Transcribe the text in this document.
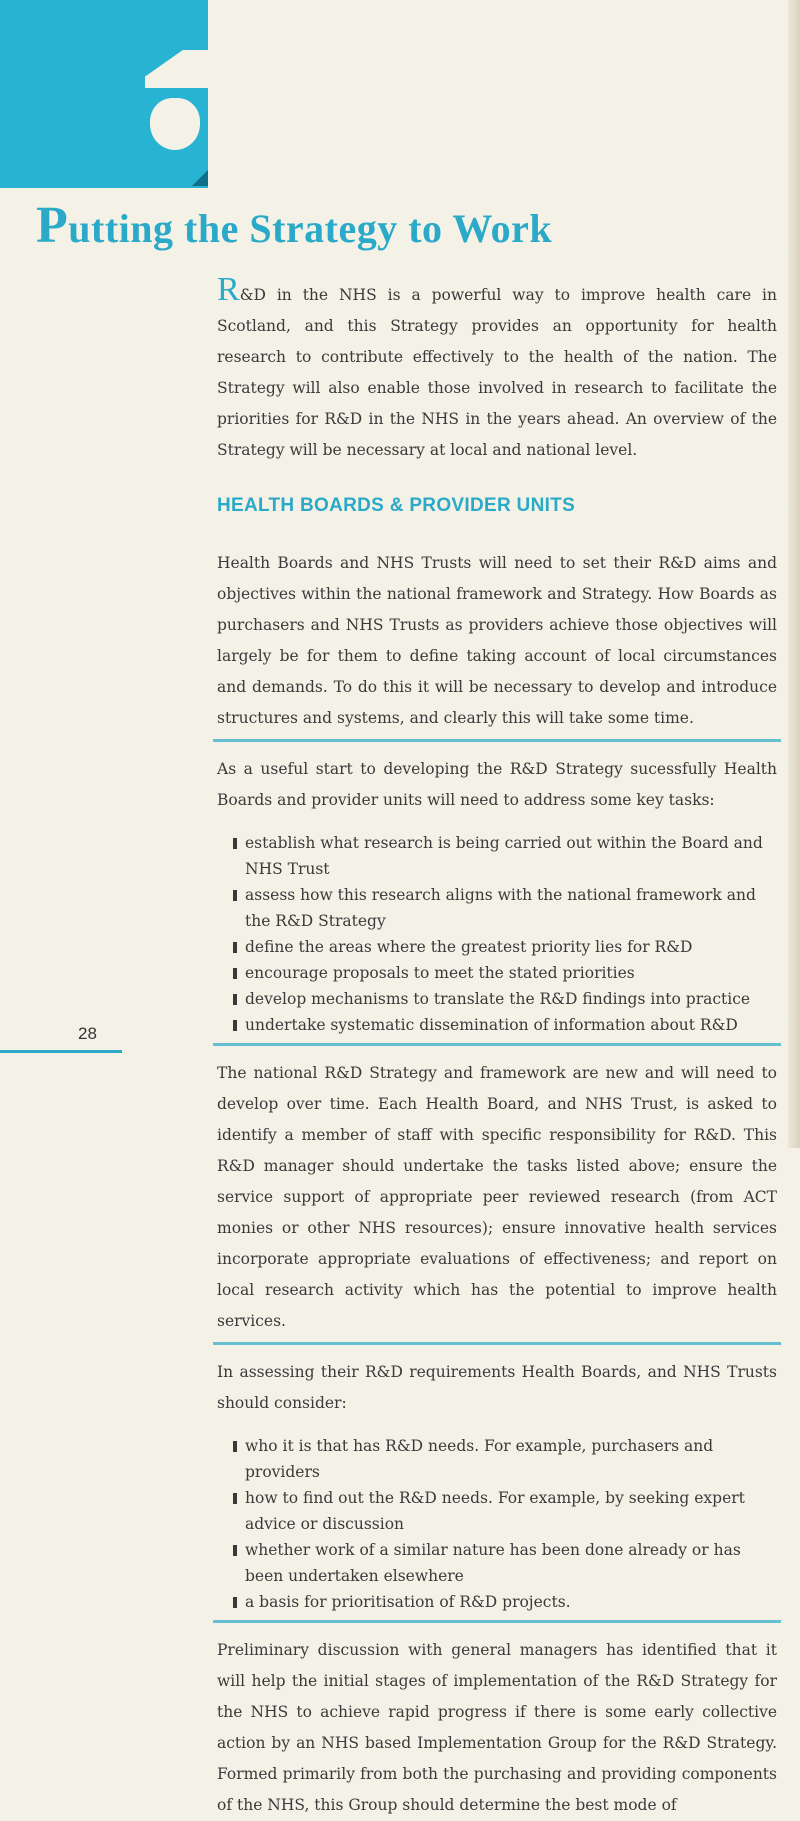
Putting the Strategy to Work

R&D in the NHS is a powerful way to improve health care in Scotland, and this Strategy provides an opportunity for health research to contribute effectively to the health of the nation. The Strategy will also enable those involved in research to facilitate the priorities for R&D in the NHS in the years ahead. An overview of the Strategy will be necessary at local and national level.

HEALTH BOARDS & PROVIDER UNITS

Health Boards and NHS Trusts will need to set their R&D aims and objectives within the national framework and Strategy. How Boards as purchasers and NHS Trusts as providers achieve those objectives will largely be for them to define taking account of local circumstances and demands. To do this it will be necessary to develop and introduce structures and systems, and clearly this will take some time.

As a useful start to developing the R&D Strategy sucessfully Health Boards and provider units will need to address some key tasks:

establish what research is being carried out within the Board and NHS Trust
assess how this research aligns with the national framework and the R&D Strategy
define the areas where the greatest priority lies for R&D
encourage proposals to meet the stated priorities
develop mechanisms to translate the R&D findings into practice
undertake systematic dissemination of information about R&D

The national R&D Strategy and framework are new and will need to develop over time. Each Health Board, and NHS Trust, is asked to identify a member of staff with specific responsibility for R&D. This R&D manager should undertake the tasks listed above; ensure the service support of appropriate peer reviewed research (from ACT monies or other NHS resources); ensure innovative health services incorporate appropriate evaluations of effectiveness; and report on local research activity which has the potential to improve health services.

In assessing their R&D requirements Health Boards, and NHS Trusts should consider:

who it is that has R&D needs. For example, purchasers and providers
how to find out the R&D needs. For example, by seeking expert advice or discussion
whether work of a similar nature has been done already or has been undertaken elsewhere
a basis for prioritisation of R&D projects.

Preliminary discussion with general managers has identified that it will help the initial stages of implementation of the R&D Strategy for the NHS to achieve rapid progress if there is some early collective action by an NHS based Implementation Group for the R&D Strategy. Formed primarily from both the purchasing and providing components of the NHS, this Group should determine the best mode of

28
